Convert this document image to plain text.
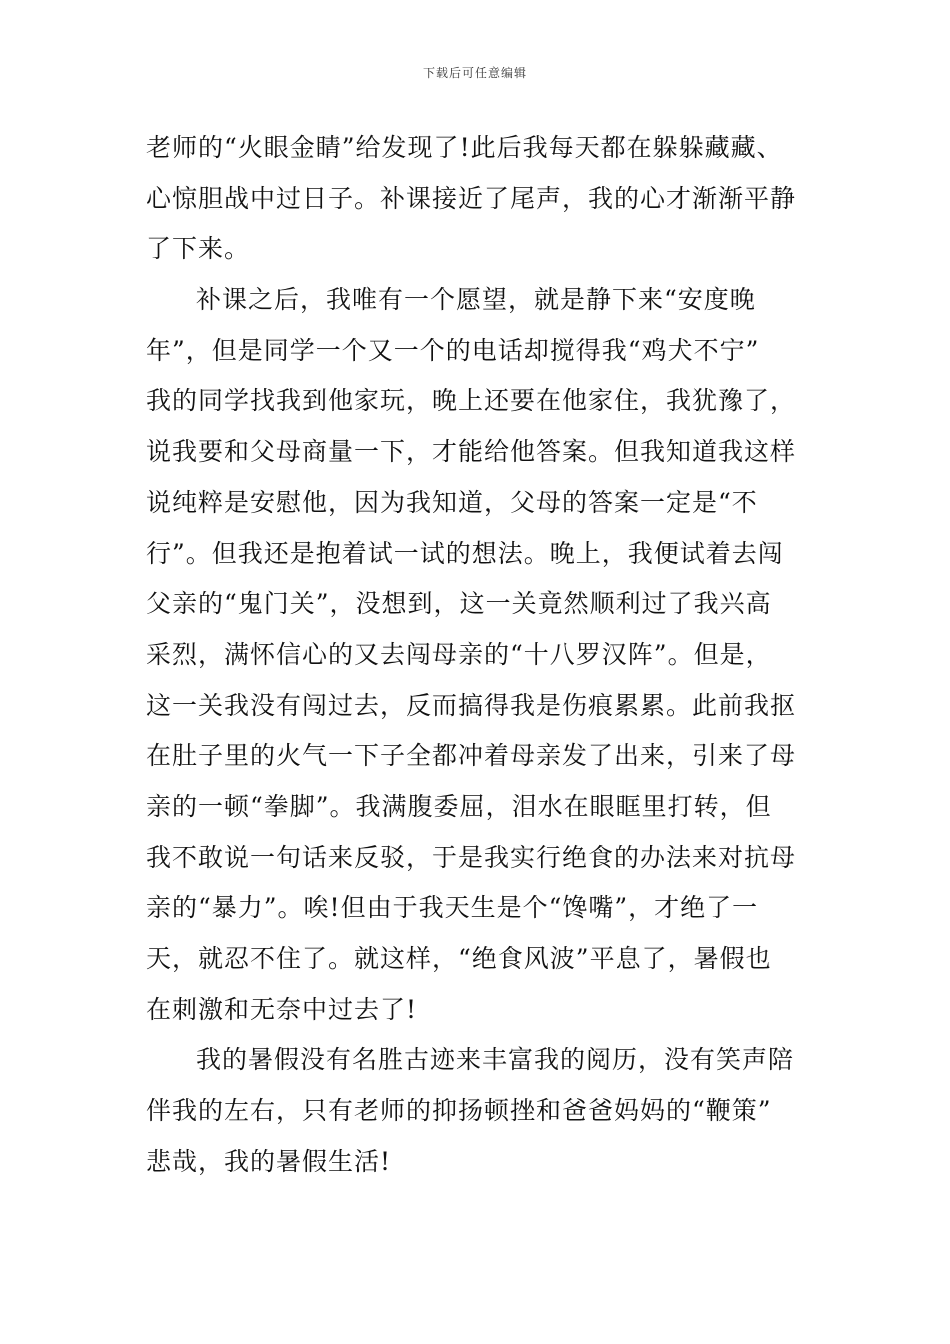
下载后可任意编辑
老师的“火眼金睛”给发现了!此后我每天都在躲躲藏藏、
心惊胆战中过日子。补课接近了尾声，我的心才渐渐平静
了下来。
补课之后，我唯有一个愿望，就是静下来“安度晚
年”，但是同学一个又一个的电话却搅得我“鸡犬不宁”
我的同学找我到他家玩，晚上还要在他家住，我犹豫了，
说我要和父母商量一下，才能给他答案。但我知道我这样
说纯粹是安慰他，因为我知道，父母的答案一定是“不
行”。但我还是抱着试一试的想法。晚上，我便试着去闯
父亲的“鬼门关”，没想到，这一关竟然顺利过了我兴高
采烈，满怀信心的又去闯母亲的“十八罗汉阵”。但是，
这一关我没有闯过去，反而搞得我是伤痕累累。此前我抠
在肚子里的火气一下子全都冲着母亲发了出来，引来了母
亲的一顿“拳脚”。我满腹委屈，泪水在眼眶里打转，但
我不敢说一句话来反驳，于是我实行绝食的办法来对抗母
亲的“暴力”。唉!但由于我天生是个“馋嘴”，才绝了一
天，就忍不住了。就这样，“绝食风波”平息了，暑假也
在刺激和无奈中过去了!
我的暑假没有名胜古迹来丰富我的阅历，没有笑声陪
伴我的左右，只有老师的抑扬顿挫和爸爸妈妈的“鞭策”
悲哉，我的暑假生活!
